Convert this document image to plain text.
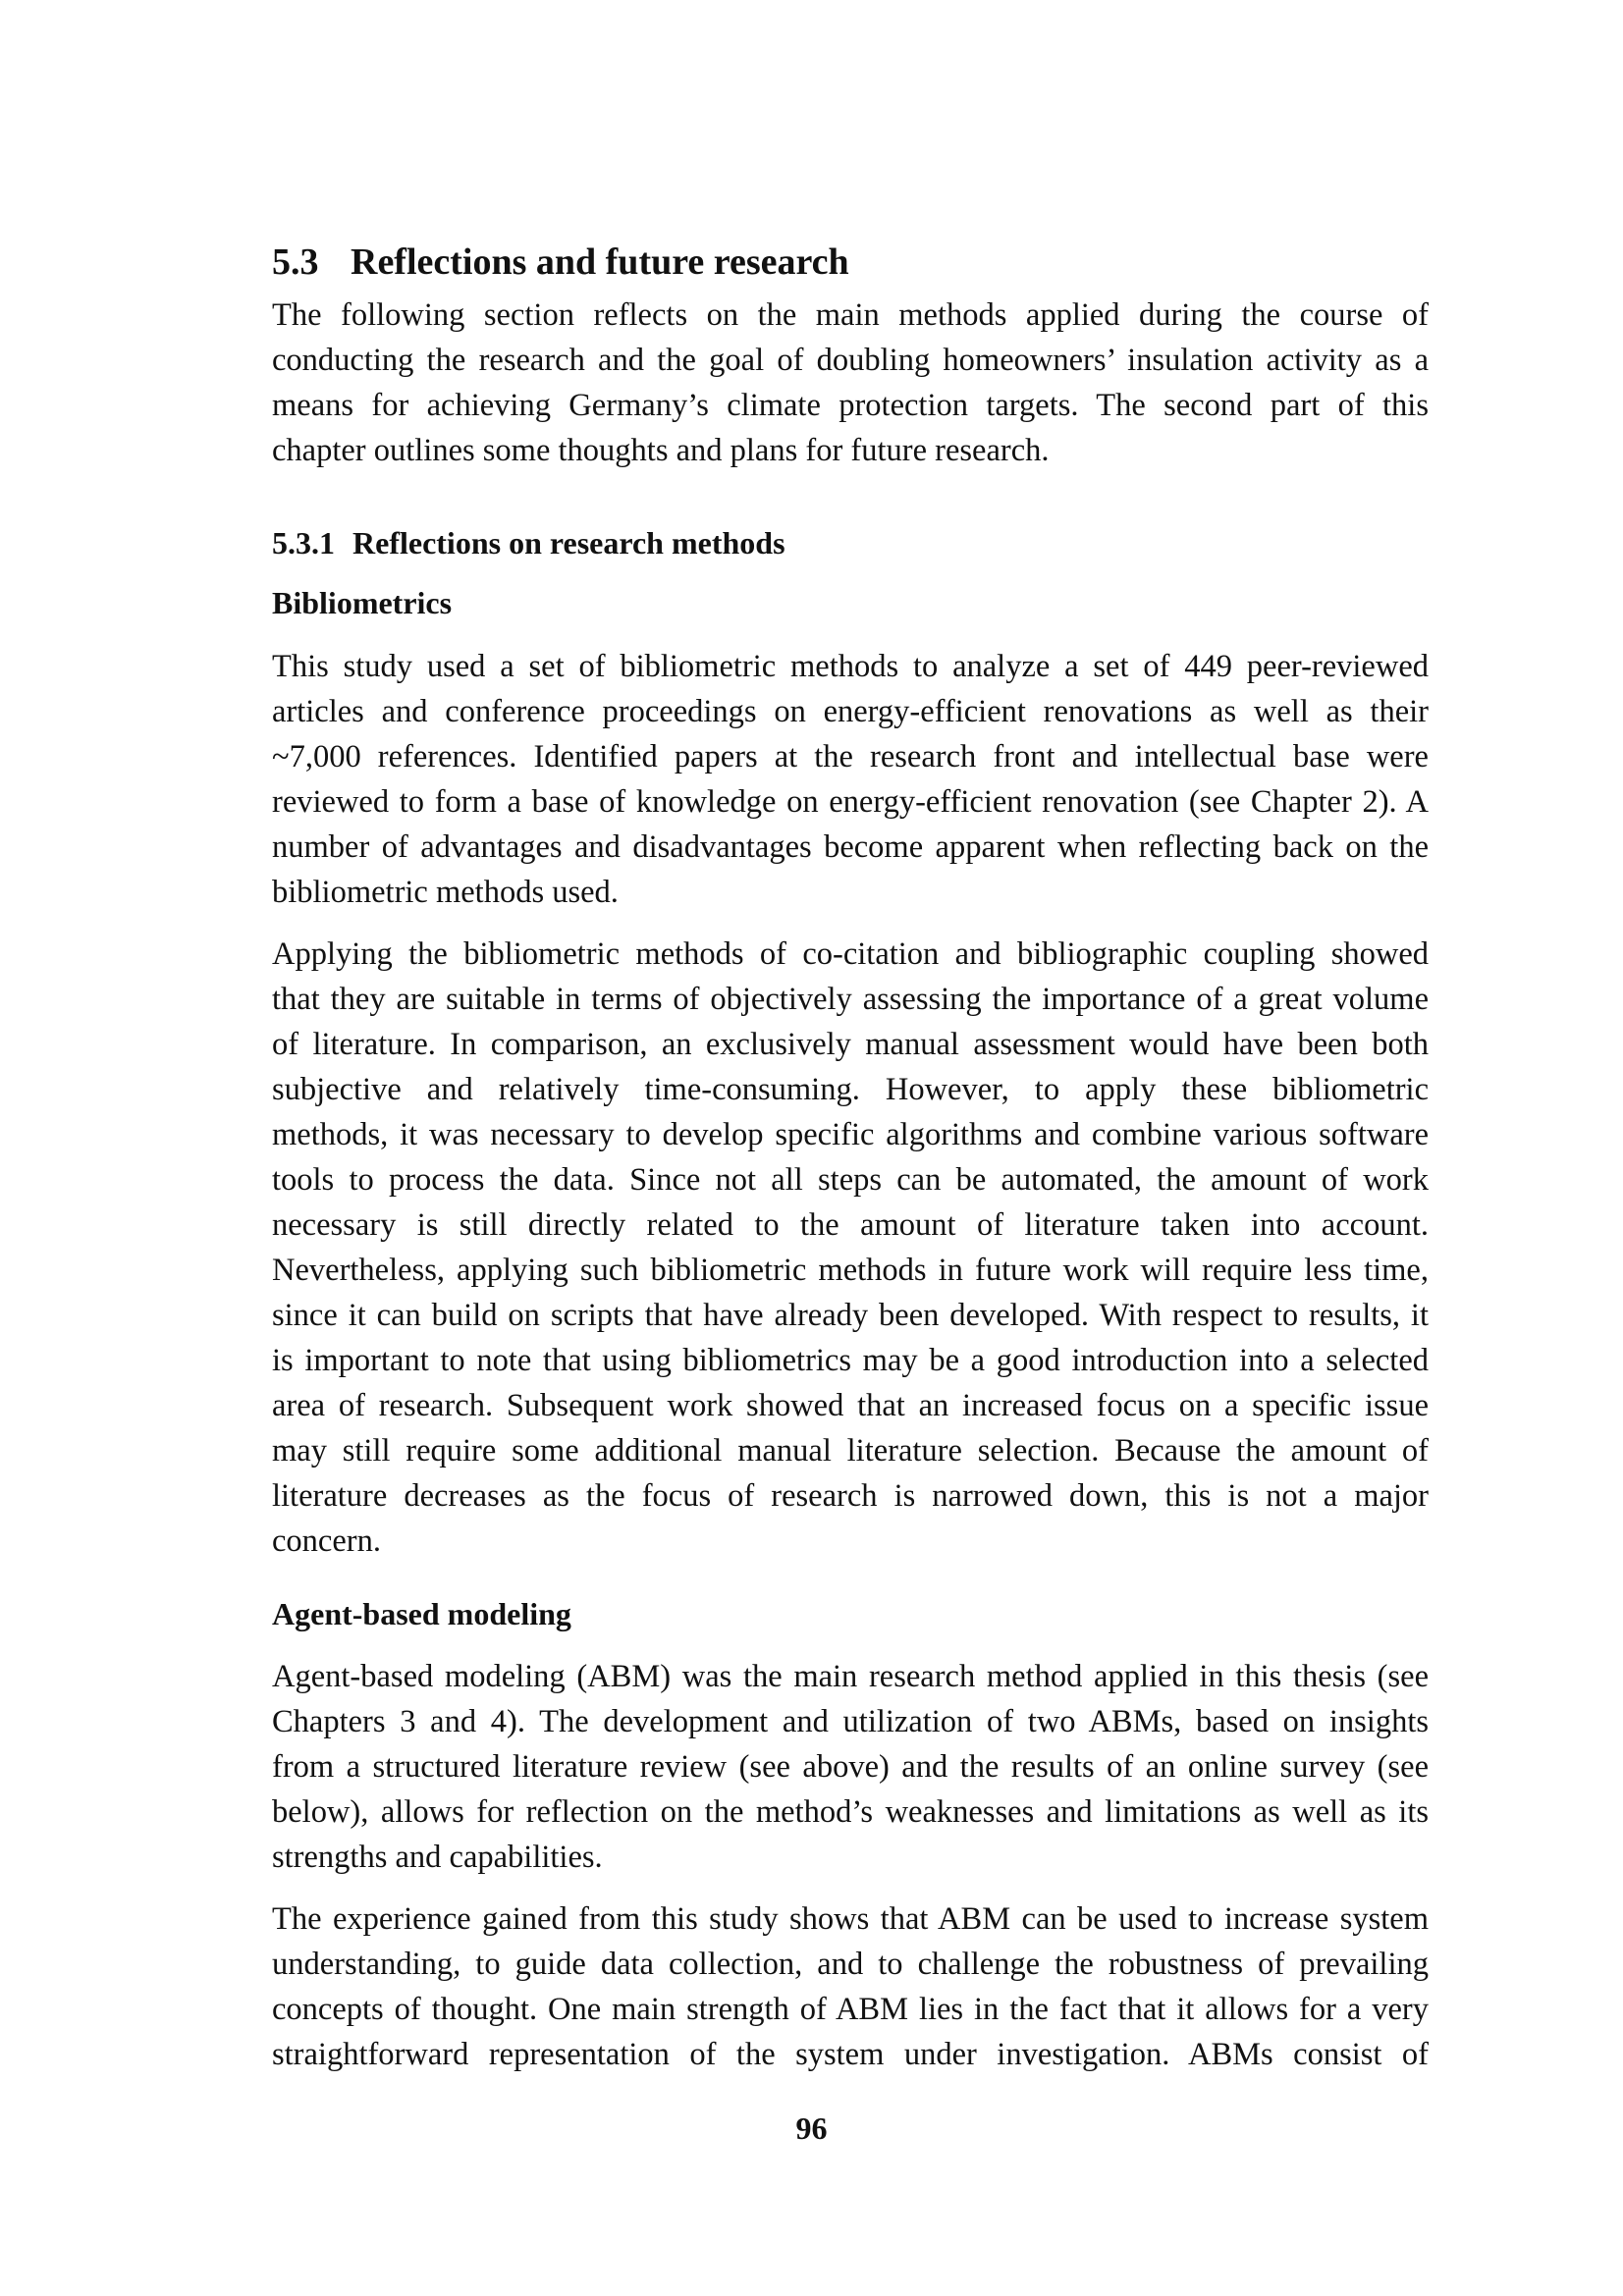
5.3 Reflections and future research
The following section reflects on the main methods applied during the course of
conducting the research and the goal of doubling homeowners’ insulation activity as a
means for achieving Germany’s climate protection targets. The second part of this
chapter outlines some thoughts and plans for future research.
5.3.1 Reflections on research methods
Bibliometrics
This study used a set of bibliometric methods to analyze a set of 449 peer-reviewed
articles and conference proceedings on energy-efficient renovations as well as their
~7,000 references. Identified papers at the research front and intellectual base were
reviewed to form a base of knowledge on energy-efficient renovation (see Chapter 2). A
number of advantages and disadvantages become apparent when reflecting back on the
bibliometric methods used.
Applying the bibliometric methods of co-citation and bibliographic coupling showed
that they are suitable in terms of objectively assessing the importance of a great volume
of literature. In comparison, an exclusively manual assessment would have been both
subjective and relatively time-consuming. However, to apply these bibliometric
methods, it was necessary to develop specific algorithms and combine various software
tools to process the data. Since not all steps can be automated, the amount of work
necessary is still directly related to the amount of literature taken into account.
Nevertheless, applying such bibliometric methods in future work will require less time,
since it can build on scripts that have already been developed. With respect to results, it
is important to note that using bibliometrics may be a good introduction into a selected
area of research. Subsequent work showed that an increased focus on a specific issue
may still require some additional manual literature selection. Because the amount of
literature decreases as the focus of research is narrowed down, this is not a major
concern.
Agent-based modeling
Agent-based modeling (ABM) was the main research method applied in this thesis (see
Chapters 3 and 4). The development and utilization of two ABMs, based on insights
from a structured literature review (see above) and the results of an online survey (see
below), allows for reflection on the method’s weaknesses and limitations as well as its
strengths and capabilities.
The experience gained from this study shows that ABM can be used to increase system
understanding, to guide data collection, and to challenge the robustness of prevailing
concepts of thought. One main strength of ABM lies in the fact that it allows for a very
straightforward representation of the system under investigation. ABMs consist of
96
